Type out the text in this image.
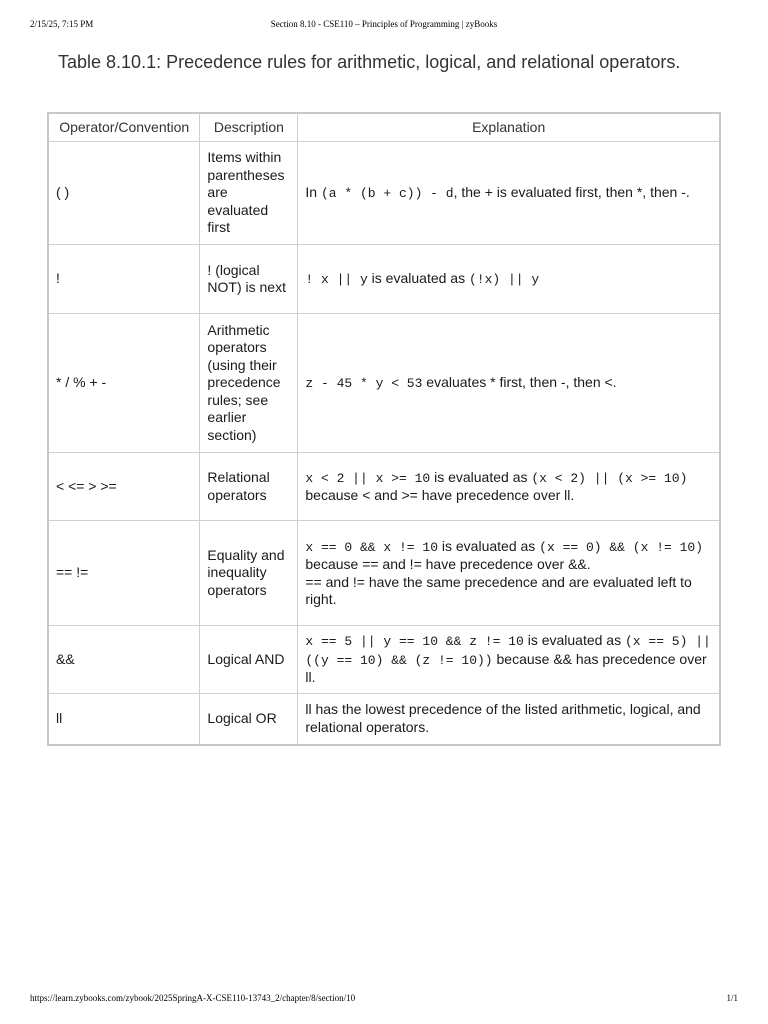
2/15/25, 7:15 PM	Section 8.10 - CSE110 – Principles of Programming | zyBooks
Table 8.10.1: Precedence rules for arithmetic, logical, and relational operators.
Operator/Convention	Description	Explanation
( )	Items within parentheses are evaluated first	In (a * (b + c)) - d, the + is evaluated first, then *, then -.
!	! (logical NOT) is next	! x || y is evaluated as (!x) || y
* / % + -	Arithmetic operators (using their precedence rules; see earlier section)	z - 45 * y < 53 evaluates * first, then -, then <.
< <= > >=	Relational operators	x < 2 || x >= 10 is evaluated as (x < 2) || (x >= 10) because < and >= have precedence over ll.
== !=	Equality and inequality operators	x == 0 && x != 10 is evaluated as (x == 0) && (x != 10) because == and != have precedence over &&.
== and != have the same precedence and are evaluated left to right.
&&	Logical AND	x == 5 || y == 10 && z != 10 is evaluated as (x == 5) || ((y == 10) && (z != 10)) because && has precedence over ll.
ll	Logical OR	ll has the lowest precedence of the listed arithmetic, logical, and relational operators.
https://learn.zybooks.com/zybook/2025SpringA-X-CSE110-13743_2/chapter/8/section/10	1/1
